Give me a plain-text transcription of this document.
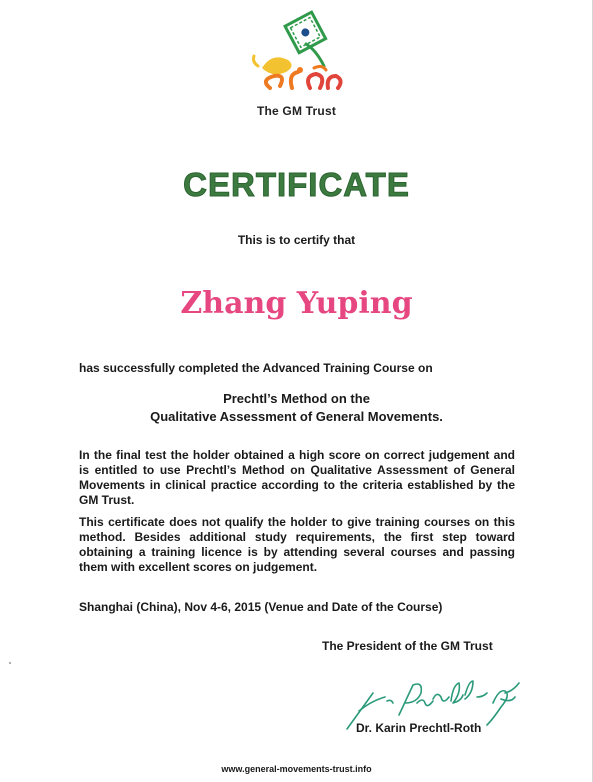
The GM Trust
CERTIFICATE
This is to certify that
Zhang Yuping
has successfully completed the Advanced Training Course on
Prechtl’s Method on the
Qualitative Assessment of General Movements.
In the final test the holder obtained a high score on correct judgement and is entitled to use Prechtl’s Method on Qualitative Assessment of General Movements in clinical practice according to the criteria established by the GM Trust.
This certificate does not qualify the holder to give training courses on this method. Besides additional study requirements, the first step toward obtaining a training licence is by attending several courses and passing them with excellent scores on judgement.
Shanghai (China), Nov 4-6, 2015 (Venue and Date of the Course)
The President of the GM Trust
Dr. Karin Prechtl-Roth
www.general-movements-trust.info
